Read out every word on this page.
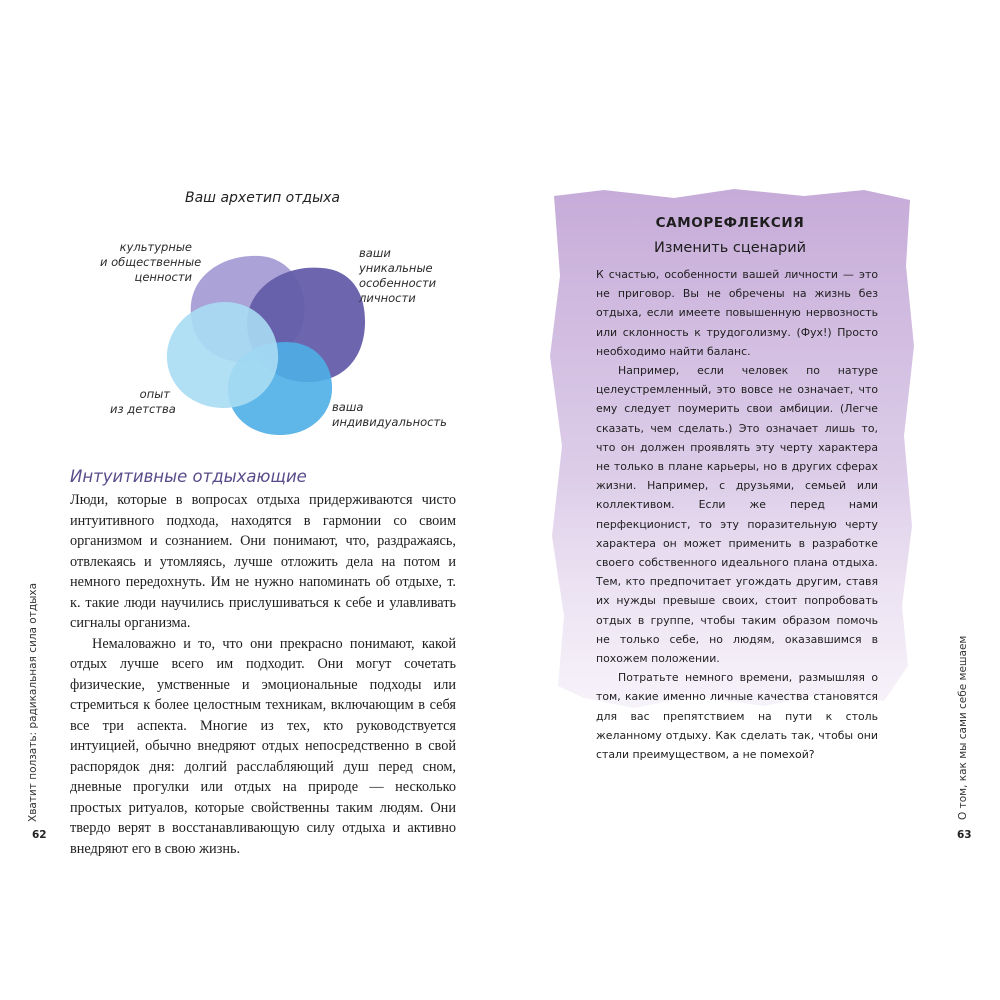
Ваш архетип отдыха
культурные
и общественные
ценности
ваши
уникальные
особенности
личности
опыт
из детства	ваша
индивидуальность
Интуитивные отдыхающие

Люди, которые в вопросах отдыха придерживаются чисто интуитивного подхода, находятся в гармонии со своим организмом и сознанием. Они понимают, что, раздражаясь, отвлекаясь и утомляясь, лучше отложить дела на потом и немного передохнуть. Им не нужно напоминать об отдыхе, т. к. такие люди научились прислушиваться к себе и улавливать сигналы организма.

Немаловажно и то, что они прекрасно понимают, какой отдых лучше всего им подходит. Они могут сочетать физические, умственные и эмоциональные подходы или стремиться к более целостным техникам, включающим в себя все три аспекта. Многие из тех, кто руководствуется интуицией, обычно внедряют отдых непосредственно в свой распорядок дня: долгий расслабляющий душ перед сном, дневные прогулки или отдых на природе — несколько простых ритуалов, которые свойственны таким людям. Они твердо верят в восстанавливающую силу отдыха и активно внедряют его в свою жизнь.

Хватит ползать: радикальная сила отдыха
62
САМОРЕФЛЕКСИЯ
Изменить сценарий

К счастью, особенности вашей личности — это не приговор. Вы не обречены на жизнь без отдыха, если имеете повышенную нервозность или склонность к трудоголизму. (Фух!) Просто необходимо найти баланс.

Например, если человек по натуре целеустремленный, это вовсе не означает, что ему следует поумерить свои амбиции. (Легче сказать, чем сделать.) Это означает лишь то, что он должен проявлять эту черту характера не только в плане карьеры, но в других сферах жизни. Например, с друзьями, семьей или коллективом. Если же перед нами перфекционист, то эту поразительную черту характера он может применить в разработке своего собственного идеального плана отдыха. Тем, кто предпочитает угождать другим, ставя их нужды превыше своих, стоит попробовать отдых в группе, чтобы таким образом помочь не только себе, но людям, оказавшимся в похожем положении.

Потратьте немного времени, размышляя о том, какие именно личные качества становятся для вас препятствием на пути к столь желанному отдыху. Как сделать так, чтобы они стали преимуществом, а не помехой?	О том, как мы сами себе мешаем
63
